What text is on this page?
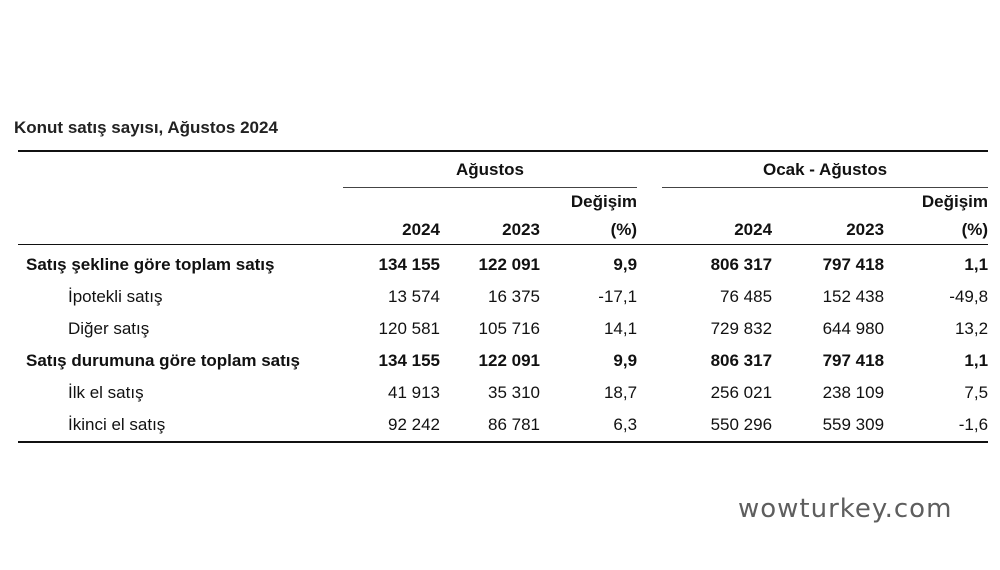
Konut satış sayısı, Ağustos 2024
	Ağustos				Ocak - Ağustos		
			Değişim				Değişim
	2024	2023	(%)		2024	2023	(%)
Satış şekline göre toplam satış	134 155	122 091	9,9		806 317	797 418	1,1
İpotekli satış	13 574	16 375	-17,1		76 485	152 438	-49,8
Diğer satış	120 581	105 716	14,1		729 832	644 980	13,2
Satış durumuna göre toplam satış	134 155	122 091	9,9		806 317	797 418	1,1
İlk el satış	41 913	35 310	18,7		256 021	238 109	7,5
İkinci el satış	92 242	86 781	6,3		550 296	559 309	-1,6
wowturkey.com
